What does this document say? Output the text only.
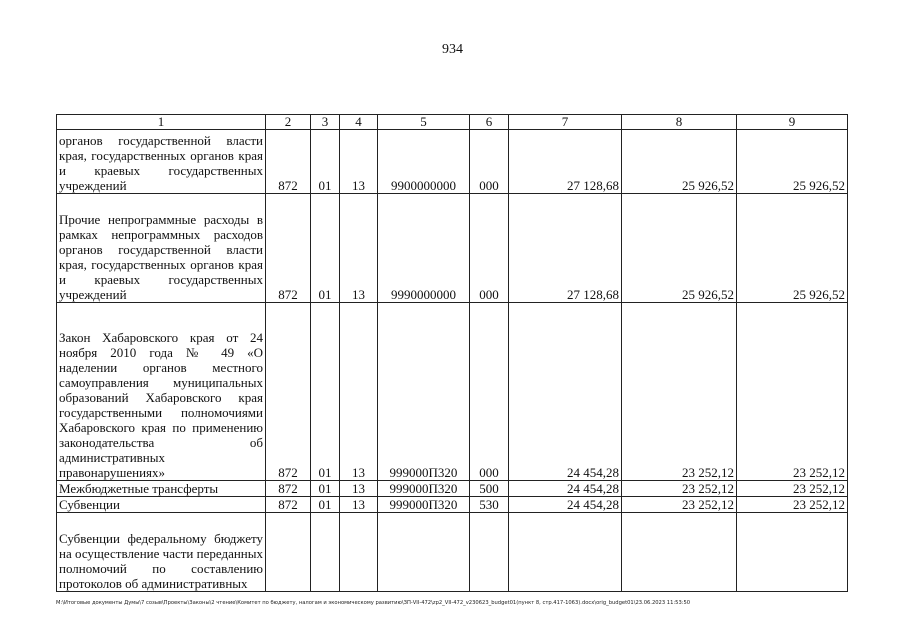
934
1	2	3	4	5	6	7	8	9
органов государственной власти края, государственных органов края и краевых государственных учреждений	872	01	13	9900000000	000	27 128,68	25 926,52	25 926,52
Прочие непрограммные расходы в рамках непрограммных расходов органов государственной власти края, государственных органов края и краевых государственных учреждений	872	01	13	9990000000	000	27 128,68	25 926,52	25 926,52
Закон Хабаровского края от 24 ноября 2010 года № 49 «О наделении органов местного самоуправления муниципальных образований Хабаровского края государственными полномочиями Хабаровского края по применению законодательства об административных правонарушениях»	872	01	13	999000П320	000	24 454,28	23 252,12	23 252,12
Межбюджетные трансферты	872	01	13	999000П320	500	24 454,28	23 252,12	23 252,12
Субвенции	872	01	13	999000П320	530	24 454,28	23 252,12	23 252,12
Субвенции федеральному бюджету на осуществление части переданных полномочий по составлению протоколов об административных								
M:\Итоговые документы Думы\7 созыв\Проекты\Законы\2 чтение\Комитет по бюджету, налогам и экономическому развитию\ЗП-VII-472\zp2_VII-472_v230623_budget01(пункт 8, стр.417-1063).docx\orig_budget01\23.06.2023 11:53:50
